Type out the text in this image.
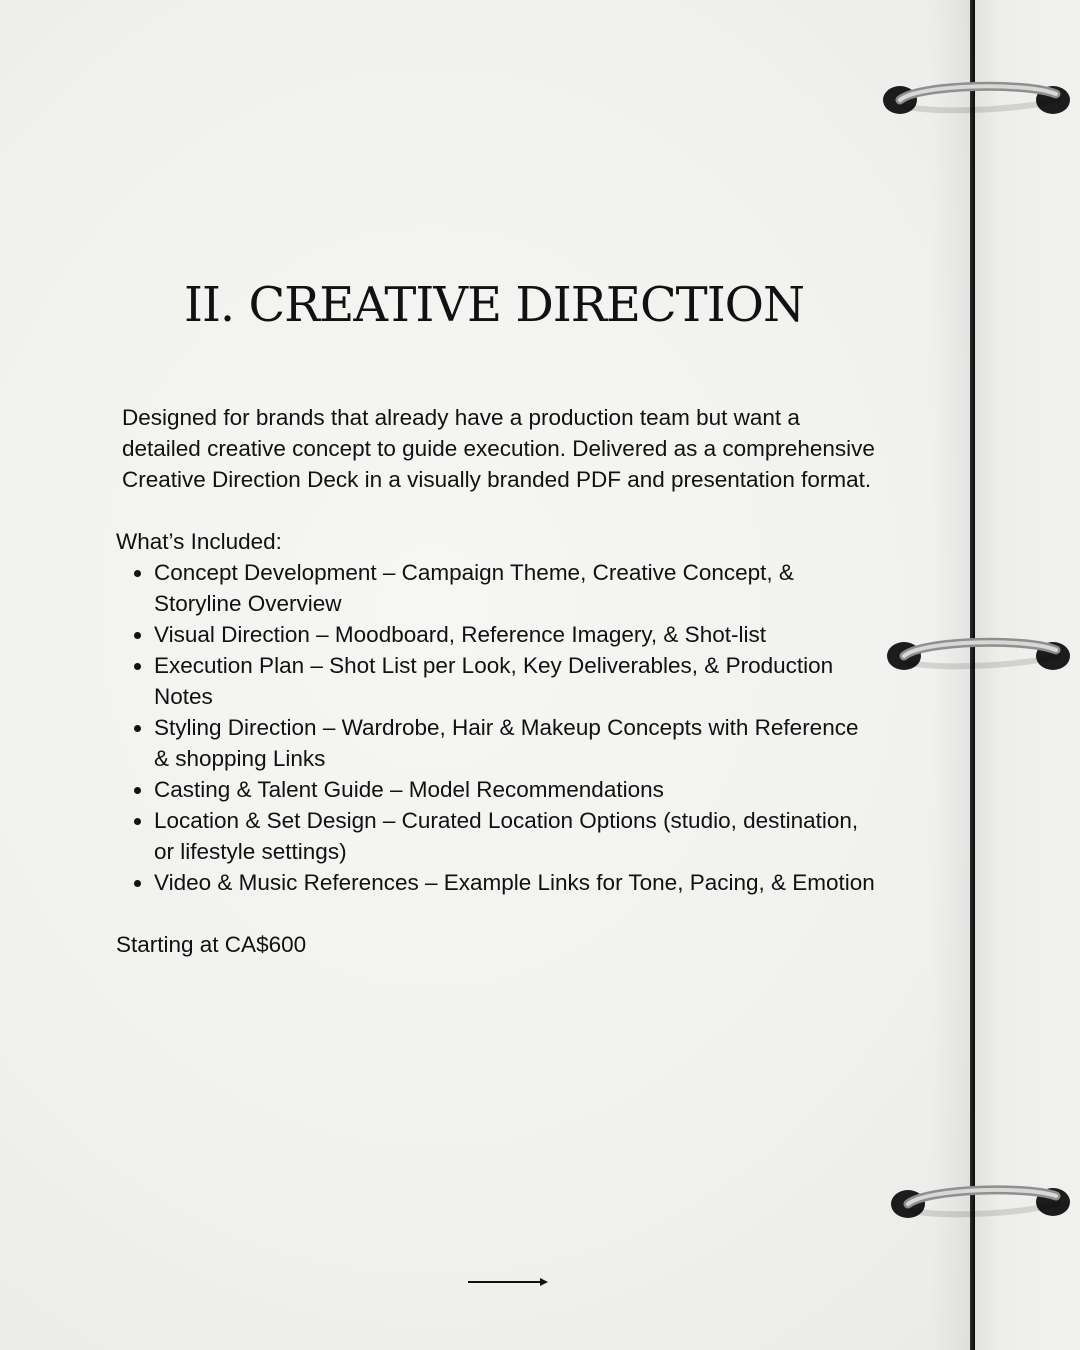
II. CREATIVE DIRECTION

Designed for brands that already have a production team but want a detailed creative concept to guide execution. Delivered as a comprehensive Creative Direction Deck in a visually branded PDF and presentation format.

What’s Included:

• Concept Development – Campaign Theme, Creative Concept, & Storyline Overview
• Visual Direction – Moodboard, Reference Imagery, & Shot-list
• Execution Plan – Shot List per Look, Key Deliverables, & Production Notes
• Styling Direction – Wardrobe, Hair & Makeup Concepts with Reference & shopping Links
• Casting & Talent Guide – Model Recommendations
• Location & Set Design – Curated Location Options (studio, destination, or lifestyle settings)
• Video & Music References – Example Links for Tone, Pacing, & Emotion

Starting at CA$600
